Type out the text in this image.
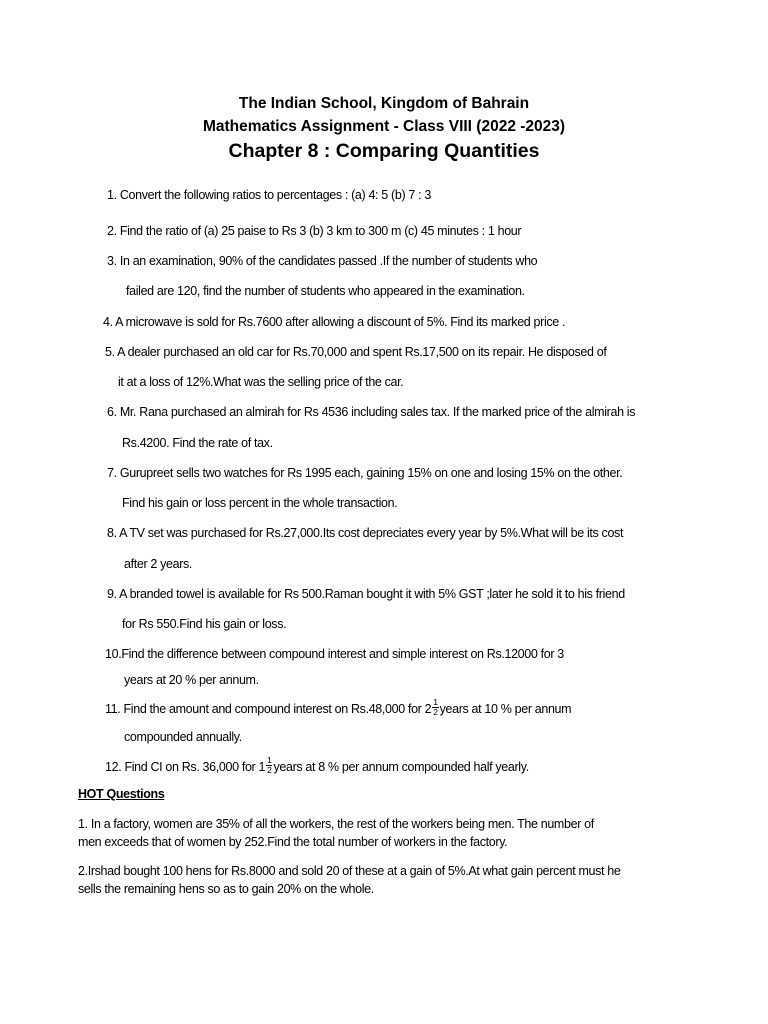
The Indian School, Kingdom of Bahrain
Mathematics Assignment - Class VIII (2022 -2023)
Chapter 8 : Comparing Quantities
1. Convert the following ratios to percentages : (a) 4: 5 (b) 7 : 3
2. Find the ratio of (a) 25 paise to Rs 3 (b) 3 km to 300 m (c) 45 minutes : 1 hour
3. In an examination, 90% of the candidates passed .If the number of students who
failed are 120, find the number of students who appeared in the examination.
4. A microwave is sold for Rs.7600 after allowing a discount of 5%. Find its marked price .
5. A dealer purchased an old car for Rs.70,000 and spent Rs.17,500 on its repair. He disposed of
it at a loss of 12%.What was the selling price of the car.
6. Mr. Rana purchased an almirah for Rs 4536 including sales tax. If the marked price of the almirah is
Rs.4200. Find the rate of tax.
7. Gurupreet sells two watches for Rs 1995 each, gaining 15% on one and losing 15% on the other.
Find his gain or loss percent in the whole transaction.
8. A TV set was purchased for Rs.27,000.Its cost depreciates every year by 5%.What will be its cost
after 2 years.
9. A branded towel is available for Rs 500.Raman bought it with 5% GST ;later he sold it to his friend
for Rs 550.Find his gain or loss.
10.Find the difference between compound interest and simple interest on Rs.12000 for 3
years at 20 % per annum.
11. Find the amount and compound interest on Rs.48,000 for $2 \frac{1}{2}$ years at 10 % per annum
compounded annually.
12. Find CI on Rs. 36,000 for $1 \frac{1}{2}$ years at 8 % per annum compounded half yearly.
HOT Questions
1. In a factory, women are 35% of all the workers, the rest of the workers being men. The number of
men exceeds that of women by 252.Find the total number of workers in the factory.
2.Irshad bought 100 hens for Rs.8000 and sold 20 of these at a gain of 5%.At what gain percent must he
sells the remaining hens so as to gain 20% on the whole.
